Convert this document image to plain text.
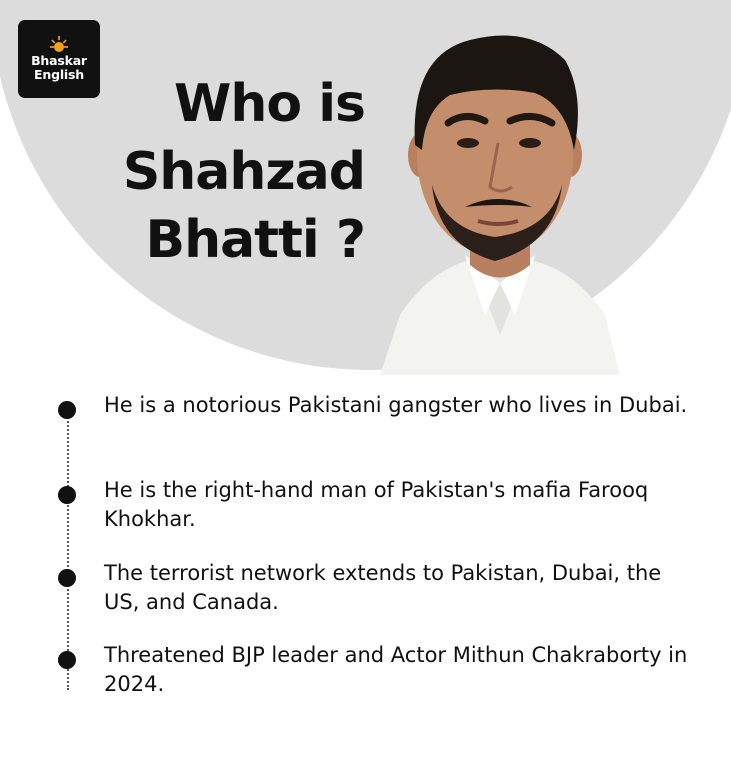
Bhaskar
English	Who is
Shahzad
Bhatti ?
He is a notorious Pakistani gangster who lives in Dubai.
He is the right-hand man of Pakistan's mafia Farooq Khokhar.
The terrorist network extends to Pakistan, Dubai, the US, and Canada.
Threatened BJP leader and Actor Mithun Chakraborty in 2024.
